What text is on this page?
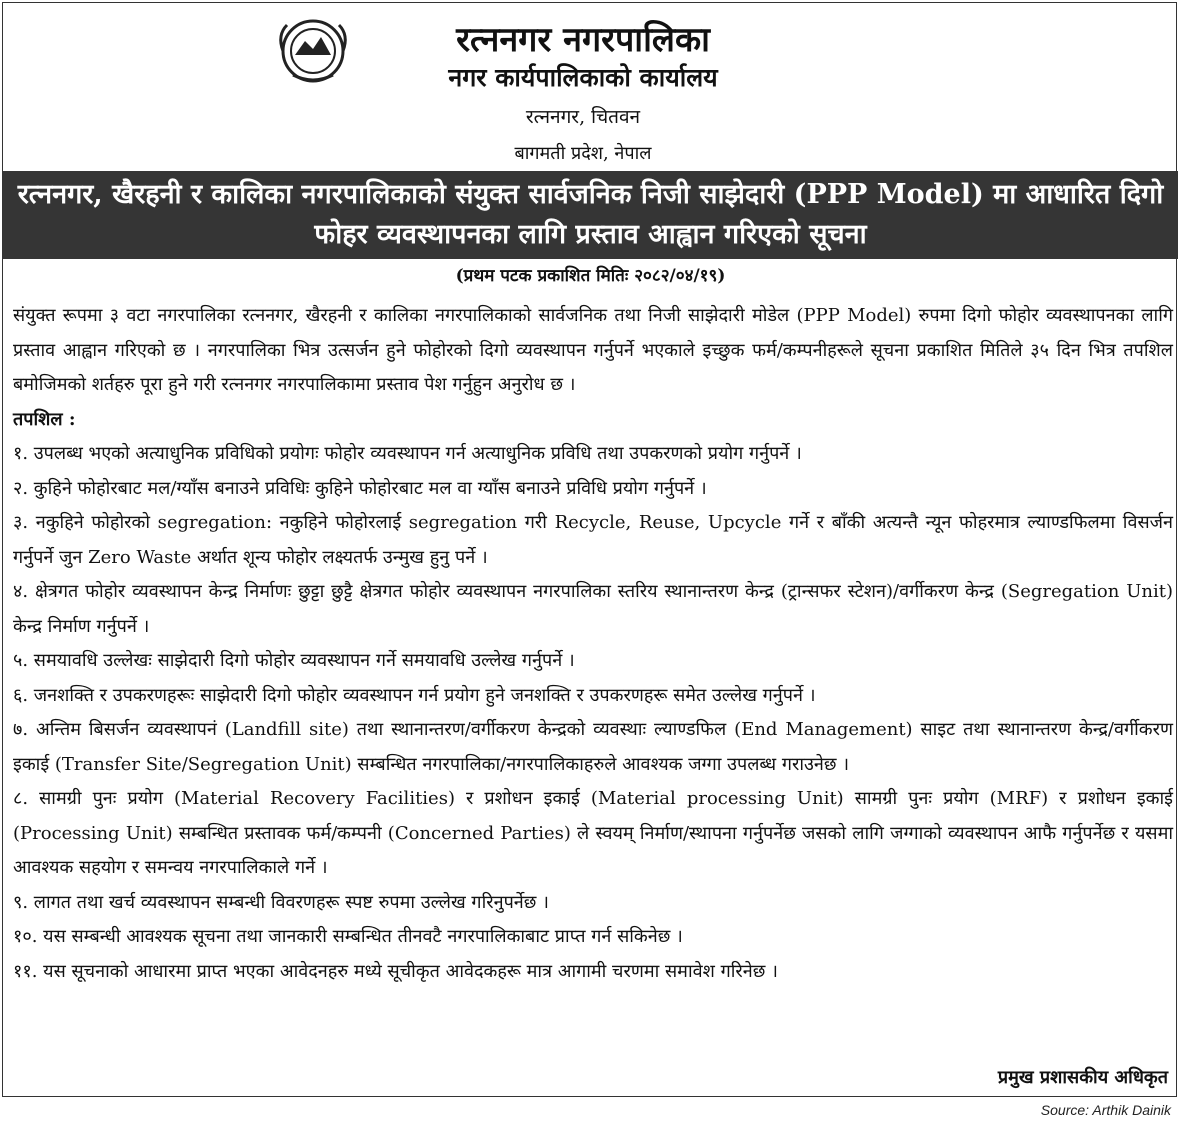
रत्ननगर नगरपालिका
नगर कार्यपालिकाको कार्यालय
रत्ननगर, चितवन
बागमती प्रदेश, नेपाल
रत्ननगर, खैरहनी र कालिका नगरपालिकाको संयुक्त सार्वजनिक निजी साझेदारी (PPP Model) मा आधारित दिगो फोहर व्यवस्थापनका लागि प्रस्ताव आह्वान गरिएको सूचना
(प्रथम पटक प्रकाशित मितिः २०८२/०४/१९)

संयुक्त रूपमा ३ वटा नगरपालिका रत्ननगर, खैरहनी र कालिका नगरपालिकाको सार्वजनिक तथा निजी साझेदारी मोडेल (PPP Model) रुपमा दिगो फोहोर व्यवस्थापनका लागि प्रस्ताव आह्वान गरिएको छ । नगरपालिका भित्र उत्सर्जन हुने फोहोरको दिगो व्यवस्थापन गर्नुपर्ने भएकाले इच्छुक फर्म/कम्पनीहरूले सूचना प्रकाशित मितिले ३५ दिन भित्र तपशिल बमोजिमको शर्तहरु पूरा हुने गरी रत्ननगर नगरपालिकामा प्रस्ताव पेश गर्नुहुन अनुरोध छ ।

तपशिल :

१. उपलब्ध भएको अत्याधुनिक प्रविधिको प्रयोगः फोहोर व्यवस्थापन गर्न अत्याधुनिक प्रविधि तथा उपकरणको प्रयोग गर्नुपर्ने ।
२. कुहिने फोहोरबाट मल/ग्याँस बनाउने प्रविधिः कुहिने फोहोरबाट मल वा ग्याँस बनाउने प्रविधि प्रयोग गर्नुपर्ने ।
३. नकुहिने फोहोरको segregation: नकुहिने फोहोरलाई segregation गरी Recycle, Reuse, Upcycle गर्ने र बाँकी अत्यन्तै न्यून फोहरमात्र ल्याण्डफिलमा विसर्जन गर्नुपर्ने जुन Zero Waste अर्थात शून्य फोहोर लक्ष्यतर्फ उन्मुख हुनु पर्ने ।
४. क्षेत्रगत फोहोर व्यवस्थापन केन्द्र निर्माणः छुट्टा छुट्टै क्षेत्रगत फोहोर व्यवस्थापन नगरपालिका स्तरिय स्थानान्तरण केन्द्र (ट्रान्सफर स्टेशन)/वर्गीकरण केन्द्र (Segregation Unit) केन्द्र निर्माण गर्नुपर्ने ।
५. समयावधि उल्लेखः साझेदारी दिगो फोहोर व्यवस्थापन गर्ने समयावधि उल्लेख गर्नुपर्ने ।
६. जनशक्ति र उपकरणहरूः साझेदारी दिगो फोहोर व्यवस्थापन गर्न प्रयोग हुने जनशक्ति र उपकरणहरू समेत उल्लेख गर्नुपर्ने ।
७. अन्तिम बिसर्जन व्यवस्थापनं (Landfill site) तथा स्थानान्तरण/वर्गीकरण केन्द्रको व्यवस्थाः ल्याण्डफिल (End Management) साइट तथा स्थानान्तरण केन्द्र/वर्गीकरण इकाई (Transfer Site/Segregation Unit) सम्बन्धित नगरपालिका/नगरपालिकाहरुले आवश्यक जग्गा उपलब्ध गराउनेछ ।
८. सामग्री पुनः प्रयोग (Material Recovery Facilities) र प्रशोधन इकाई (Material processing Unit) सामग्री पुनः प्रयोग (MRF) र प्रशोधन इकाई (Processing Unit) सम्बन्धित प्रस्तावक फर्म/कम्पनी (Concerned Parties) ले स्वयम् निर्माण/स्थापना गर्नुपर्नेछ जसको लागि जग्गाको व्यवस्थापन आफै गर्नुपर्नेछ र यसमा आवश्यक सहयोग र समन्वय नगरपालिकाले गर्ने ।
९. लागत तथा खर्च व्यवस्थापन सम्बन्धी विवरणहरू स्पष्ट रुपमा उल्लेख गरिनुपर्नेछ ।
१०. यस सम्बन्धी आवश्यक सूचना तथा जानकारी सम्बन्धित तीनवटै नगरपालिकाबाट प्राप्त गर्न सकिनेछ ।
११. यस सूचनाको आधारमा प्राप्त भएका आवेदनहरु मध्ये सूचीकृत आवेदकहरू मात्र आगामी चरणमा समावेश गरिनेछ ।
प्रमुख प्रशासकीय अधिकृत
Source: Arthik Dainik
